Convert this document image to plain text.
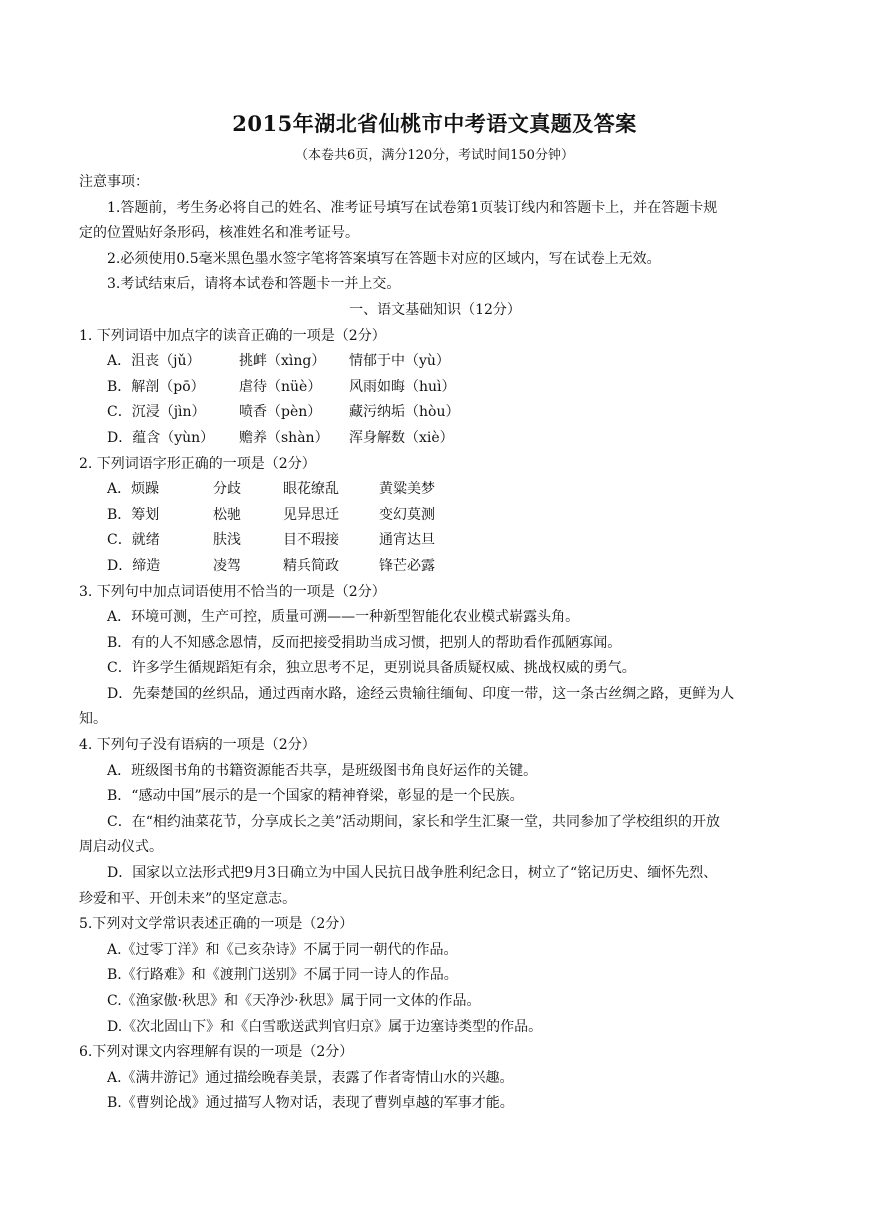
2015年湖北省仙桃市中考语文真题及答案
（本卷共6页，满分120分，考试时间150分钟）
注意事项：
1.答题前，考生务必将自己的姓名、准考证号填写在试卷第1页装订线内和答题卡上，并在答题卡规
定的位置贴好条形码，核准姓名和准考证号。
2.必须使用0.5毫米黑色墨水签字笔将答案填写在答题卡对应的区域内，写在试卷上无效。
3.考试结束后，请将本试卷和答题卡一并上交。
一、语文基础知识（12分）
1. 下列词语中加点字的读音正确的一项是（2分）
A．沮丧（jǔ）	挑衅（xìng）	情郁于中（yù）
B．解剖（pō）	虐待（nüè）	风雨如晦（huì）
C．沉浸（jìn）	喷香（pèn）	藏污纳垢（hòu）
D．蕴含（yùn）	赡养（shàn）	浑身解数（xiè）
2. 下列词语字形正确的一项是（2分）
A．烦躁	分歧	眼花缭乱	黄粱美梦
B．筹划	松驰	见异思迁	变幻莫测
C．就绪	肤浅	目不瑕接	通宵达旦
D．缔造	凌驾	精兵简政	锋芒必露
3. 下列句中加点词语使用不恰当的一项是（2分）
A．环境可测，生产可控，质量可溯——一种新型智能化农业模式崭露头角。
B．有的人不知感念恩情，反而把接受捐助当成习惯，把别人的帮助看作孤陋寡闻。
C．许多学生循规蹈矩有余，独立思考不足，更别说具备质疑权威、挑战权威的勇气。
D．先秦楚国的丝织品，通过西南水路，途经云贵输往缅甸、印度一带，这一条古丝绸之路，更鲜为人
知。
4. 下列句子没有语病的一项是（2分）
A．班级图书角的书籍资源能否共享，是班级图书角良好运作的关键。
B．“感动中国”展示的是一个国家的精神脊梁，彰显的是一个民族。
C．在“相约油菜花节，分享成长之美”活动期间，家长和学生汇聚一堂，共同参加了学校组织的开放
周启动仪式。
D．国家以立法形式把9月3日确立为中国人民抗日战争胜利纪念日，树立了“铭记历史、缅怀先烈、
珍爱和平、开创未来”的坚定意志。
5.下列对文学常识表述正确的一项是（2分）
A.《过零丁洋》和《己亥杂诗》不属于同一朝代的作品。
B.《行路难》和《渡荆门送别》不属于同一诗人的作品。
C.《渔家傲·秋思》和《天净沙·秋思》属于同一文体的作品。
D.《次北固山下》和《白雪歌送武判官归京》属于边塞诗类型的作品。
6.下列对课文内容理解有误的一项是（2分）
A.《满井游记》通过描绘晚春美景，表露了作者寄情山水的兴趣。
B.《曹刿论战》通过描写人物对话，表现了曹刿卓越的军事才能。
